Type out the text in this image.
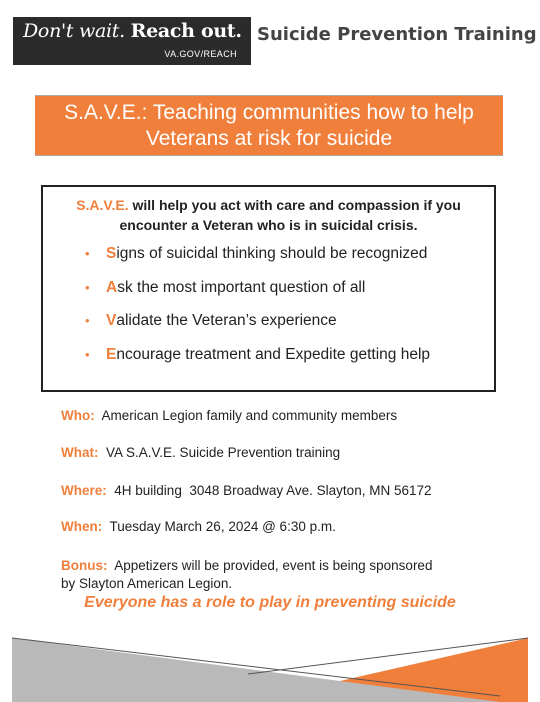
Don't wait. Reach out.
VA.GOV/REACH
Suicide Prevention Training
S.A.V.E.: Teaching communities how to help
Veterans at risk for suicide
S.A.V.E. will help you act with care and compassion if you
encounter a Veteran who is in suicidal crisis.
• Signs of suicidal thinking should be recognized
• Ask the most important question of all
• Validate the Veteran’s experience
• Encourage treatment and Expedite getting help
Who: American Legion family and community members
What: VA S.A.V.E. Suicide Prevention training
Where: 4H building  3048 Broadway Ave. Slayton, MN 56172
When: Tuesday March 26, 2024 @ 6:30 p.m.
Bonus: Appetizers will be provided, event is being sponsored
by Slayton American Legion.
Everyone has a role to play in preventing suicide
